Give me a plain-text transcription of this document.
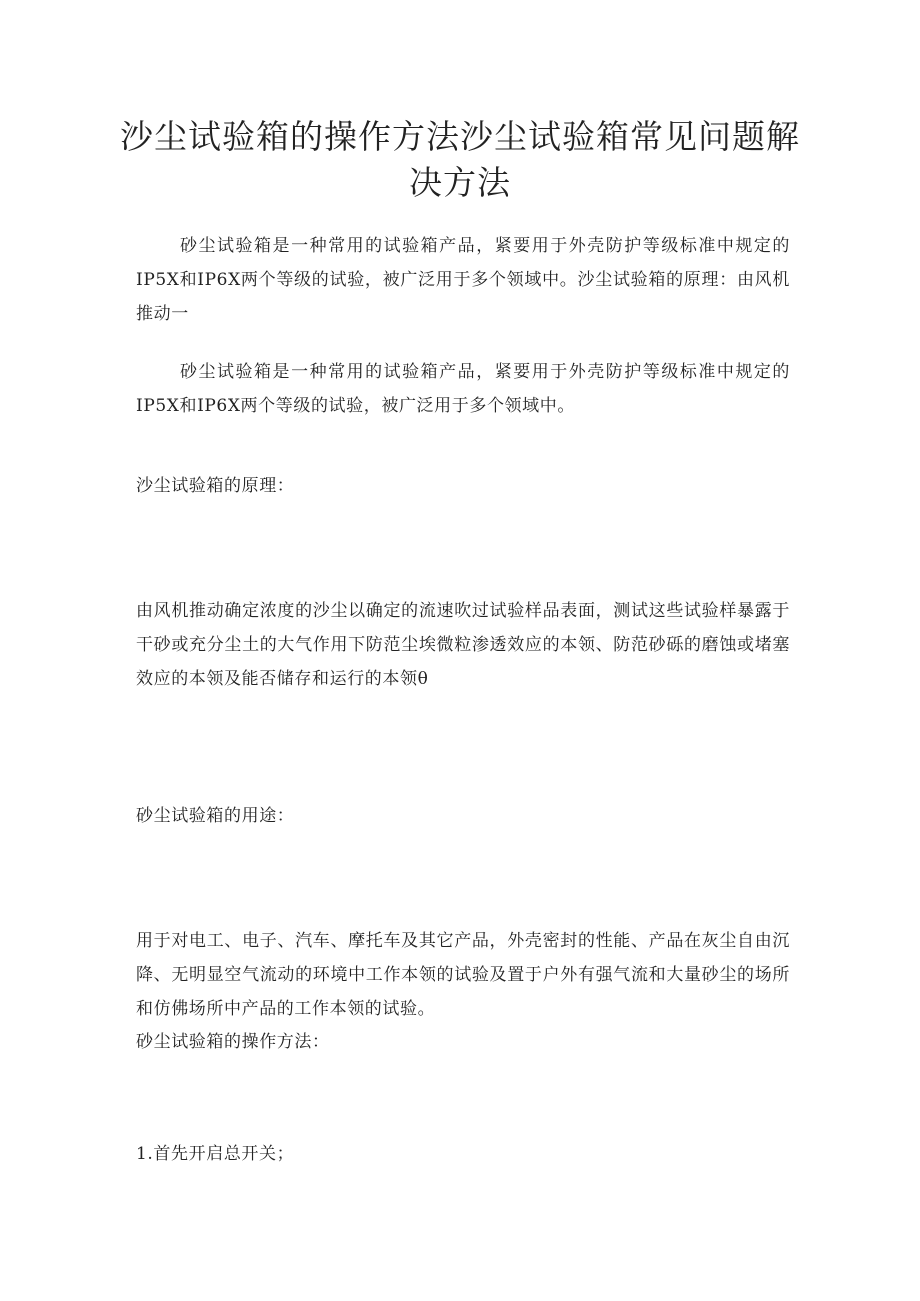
沙尘试验箱的操作方法沙尘试验箱常见问题解决方法
砂尘试验箱是一种常用的试验箱产品，紧要用于外壳防护等级标准中规定的IP5X和IP6X两个等级的试验，被广泛用于多个领域中。沙尘试验箱的原理：由风机推动一
砂尘试验箱是一种常用的试验箱产品，紧要用于外壳防护等级标准中规定的IP5X和IP6X两个等级的试验，被广泛用于多个领域中。
沙尘试验箱的原理：
由风机推动确定浓度的沙尘以确定的流速吹过试验样品表面，测试这些试验样暴露于干砂或充分尘土的大气作用下防范尘埃微粒渗透效应的本领、防范砂砾的磨蚀或堵塞效应的本领及能否储存和运行的本领θ
砂尘试验箱的用途：
用于对电工、电子、汽车、摩托车及其它产品，外壳密封的性能、产品在灰尘自由沉降、无明显空气流动的环境中工作本领的试验及置于户外有强气流和大量砂尘的场所和仿佛场所中产品的工作本领的试验。
砂尘试验箱的操作方法：
1.首先开启总开关；
